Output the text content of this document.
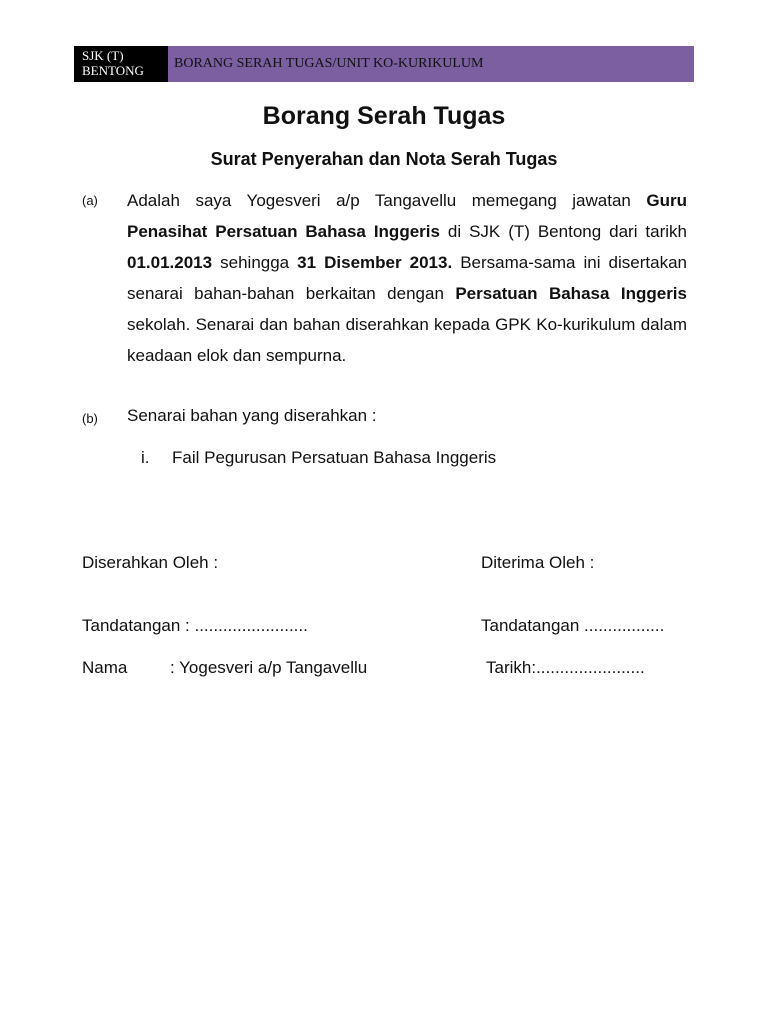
SJK (T)
BENTONG	BORANG SERAH TUGAS/UNIT KO-KURIKULUM
Borang Serah Tugas
Surat Penyerahan dan Nota Serah Tugas
(a) Adalah saya Yogesveri a/p Tangavellu memegang jawatan Guru Penasihat Persatuan Bahasa Inggeris di SJK (T) Bentong dari tarikh 01.01.2013 sehingga 31 Disember 2013. Bersama-sama ini disertakan senarai bahan-bahan berkaitan dengan Persatuan Bahasa Inggeris sekolah. Senarai dan bahan diserahkan kepada GPK Ko-kurikulum dalam keadaan elok dan sempurna.

(b) Senarai bahan yang diserahkan :

i.	Fail Pegurusan Persatuan Bahasa Inggeris
Diserahkan Oleh :	Diterima Oleh :
Tandatangan : ........................	Tandatangan .................
Nama	: Yogesveri a/p Tangavellu	Tarikh:.......................
